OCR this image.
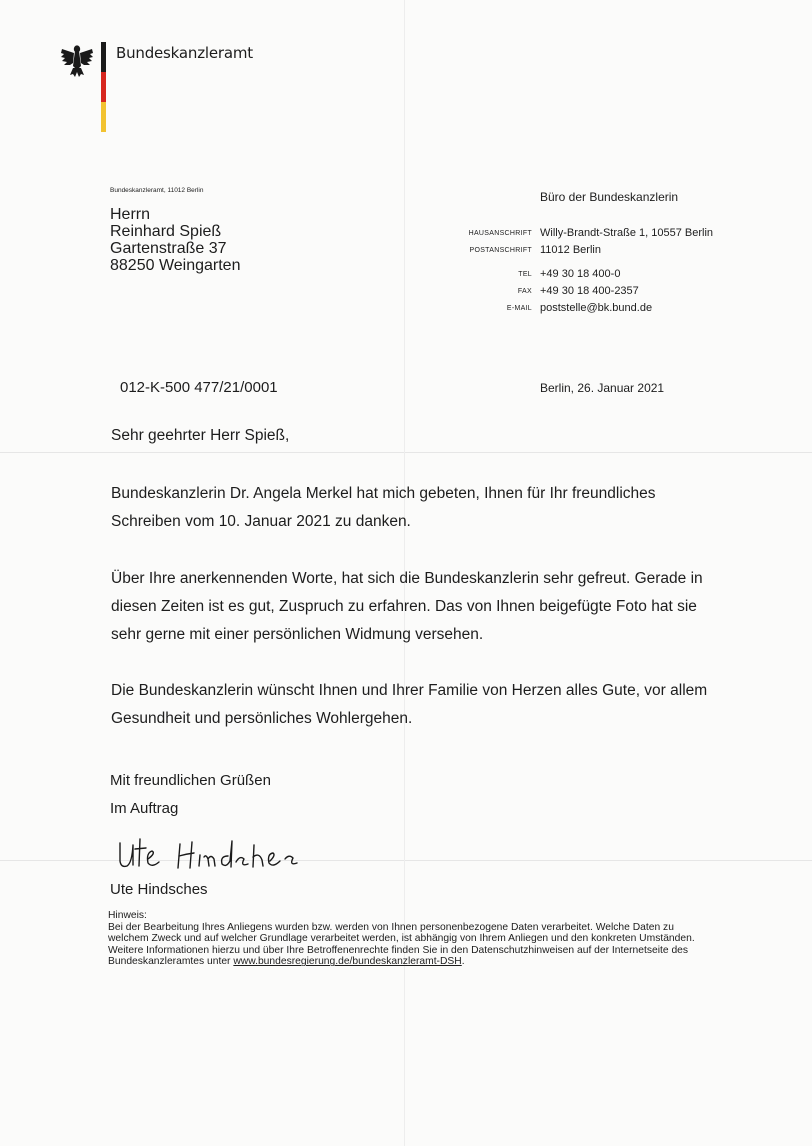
Bundeskanzleramt
Bundeskanzleramt, 11012 Berlin
Herrn
Reinhard Spieß
Gartenstraße 37
88250 Weingarten
Büro der Bundeskanzlerin
HAUSANSCHRIFT Willy-Brandt-Straße 1, 10557 Berlin
POSTANSCHRIFT 11012 Berlin
TEL +49 30 18 400-0
FAX +49 30 18 400-2357
E-MAIL poststelle@bk.bund.de
012-K-500 477/21/0001	Berlin, 26. Januar 2021
Sehr geehrter Herr Spieß,
Bundeskanzlerin Dr. Angela Merkel hat mich gebeten, Ihnen für Ihr freundliches Schreiben vom 10. Januar 2021 zu danken.
Über Ihre anerkennenden Worte, hat sich die Bundeskanzlerin sehr gefreut. Gerade in diesen Zeiten ist es gut, Zuspruch zu erfahren. Das von Ihnen beigefügte Foto hat sie sehr gerne mit einer persönlichen Widmung versehen.
Die Bundeskanzlerin wünscht Ihnen und Ihrer Familie von Herzen alles Gute, vor allem Gesundheit und persönliches Wohlergehen.
Mit freundlichen Grüßen
Im Auftrag
Ute Hindsches
Hinweis:
Bei der Bearbeitung Ihres Anliegens wurden bzw. werden von Ihnen personenbezogene Daten verarbeitet. Welche Daten zu welchem Zweck und auf welcher Grundlage verarbeitet werden, ist abhängig von Ihrem Anliegen und den konkreten Umständen. Weitere Informationen hierzu und über Ihre Betroffenenrechte finden Sie in den Datenschutzhinweisen auf der Internetseite des Bundeskanzleramtes unter www.bundesregierung.de/bundeskanzleramt-DSH.
